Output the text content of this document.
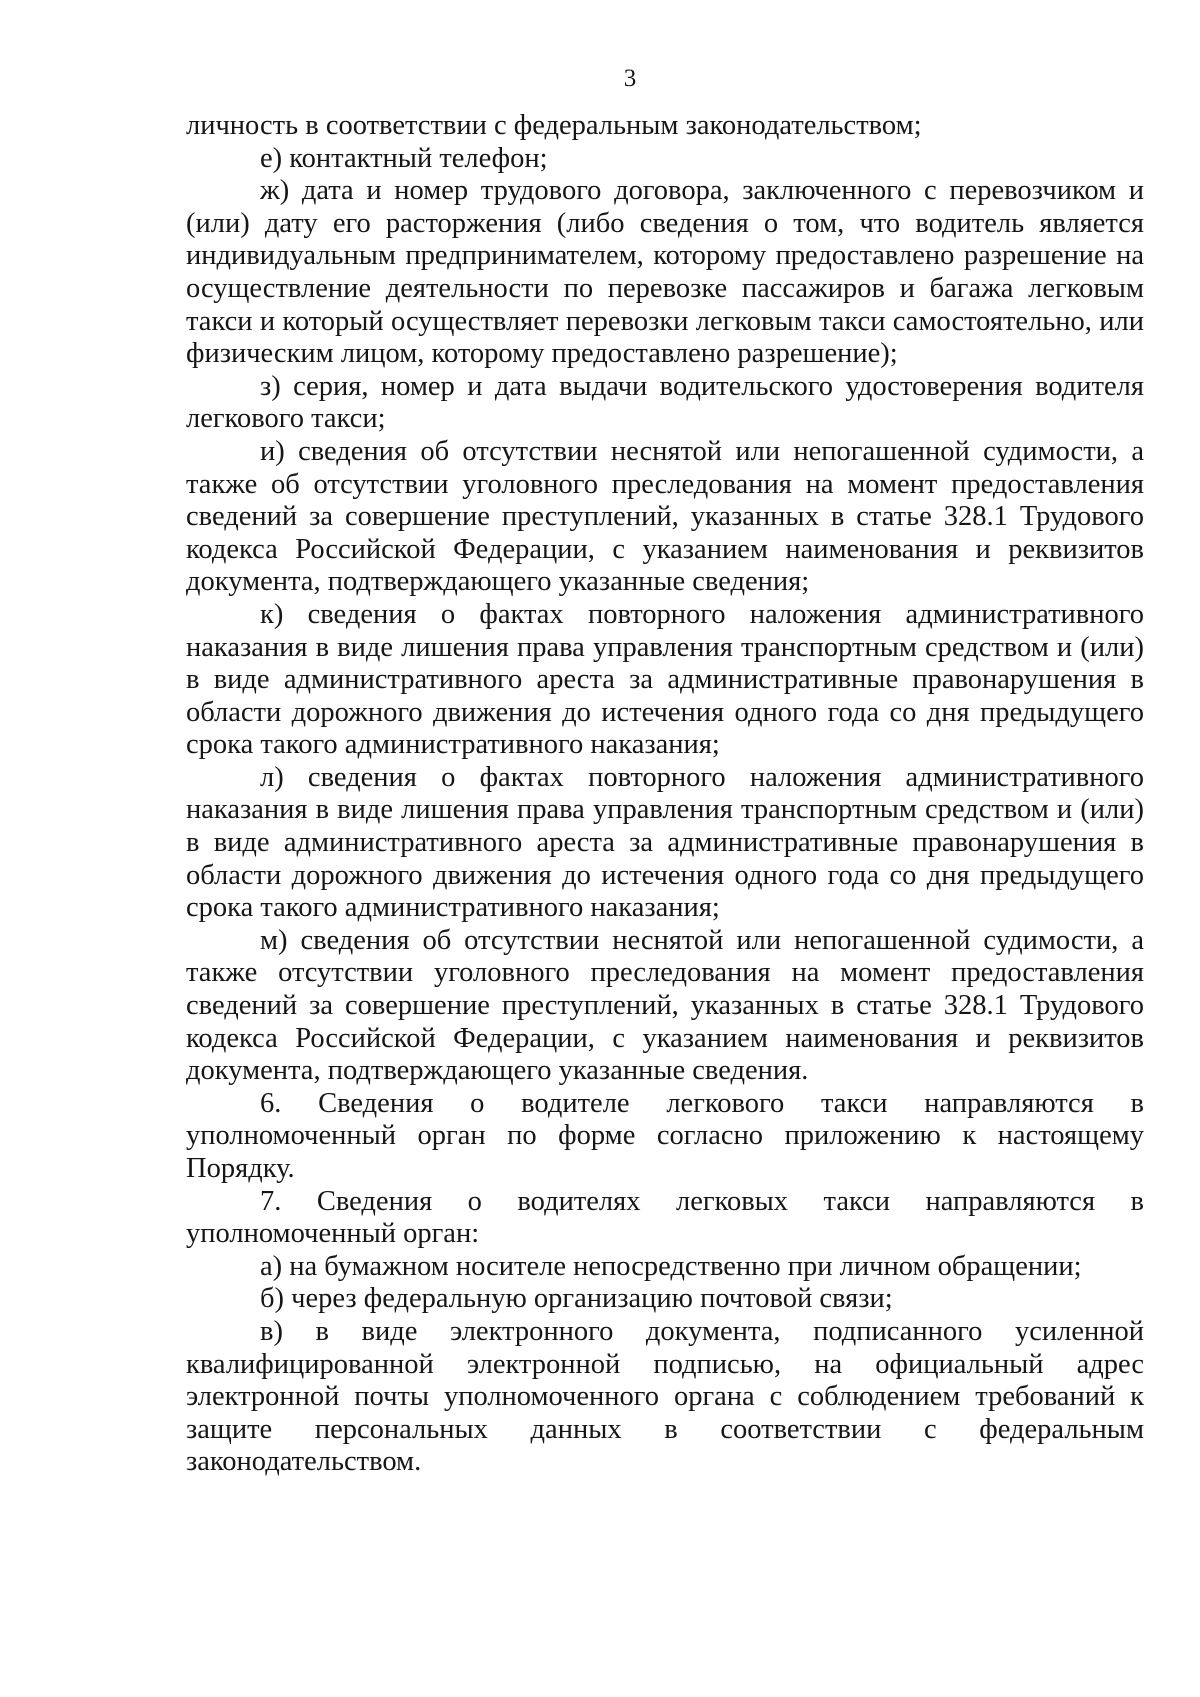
3

личность в соответствии с федеральным законодательством;

е) контактный телефон;

ж) дата и номер трудового договора, заключенного с перевозчиком и (или) дату его расторжения (либо сведения о том, что водитель является индивидуальным предпринимателем, которому предоставлено разрешение на осуществление деятельности по перевозке пассажиров и багажа легковым такси и который осуществляет перевозки легковым такси самостоятельно, или физическим лицом, которому предоставлено разрешение);

з) серия, номер и дата выдачи водительского удостоверения водителя легкового такси;

и) сведения об отсутствии неснятой или непогашенной судимости, а также об отсутствии уголовного преследования на момент предоставления сведений за совершение преступлений, указанных в статье 328.1 Трудового кодекса Российской Федерации, с указанием наименования и реквизитов документа, подтверждающего указанные сведения;

к) сведения о фактах повторного наложения административного наказания в виде лишения права управления транспортным средством и (или) в виде административного ареста за административные правонарушения в области дорожного движения до истечения одного года со дня предыдущего срока такого административного наказания;

л) сведения о фактах повторного наложения административного наказания в виде лишения права управления транспортным средством и (или) в виде административного ареста за административные правонарушения в области дорожного движения до истечения одного года со дня предыдущего срока такого административного наказания;

м) сведения об отсутствии неснятой или непогашенной судимости, а также отсутствии уголовного преследования на момент предоставления сведений за совершение преступлений, указанных в статье 328.1 Трудового кодекса Российской Федерации, с указанием наименования и реквизитов документа, подтверждающего указанные сведения.

6. Сведения о водителе легкового такси направляются в уполномоченный орган по форме согласно приложению к настоящему Порядку.

7. Сведения о водителях легковых такси направляются в уполномоченный орган:

а) на бумажном носителе непосредственно при личном обращении;

б) через федеральную организацию почтовой связи;

в) в виде электронного документа, подписанного усиленной квалифицированной электронной подписью, на официальный адрес электронной почты уполномоченного органа с соблюдением требований к защите персональных данных в соответствии с федеральным законодательством.
